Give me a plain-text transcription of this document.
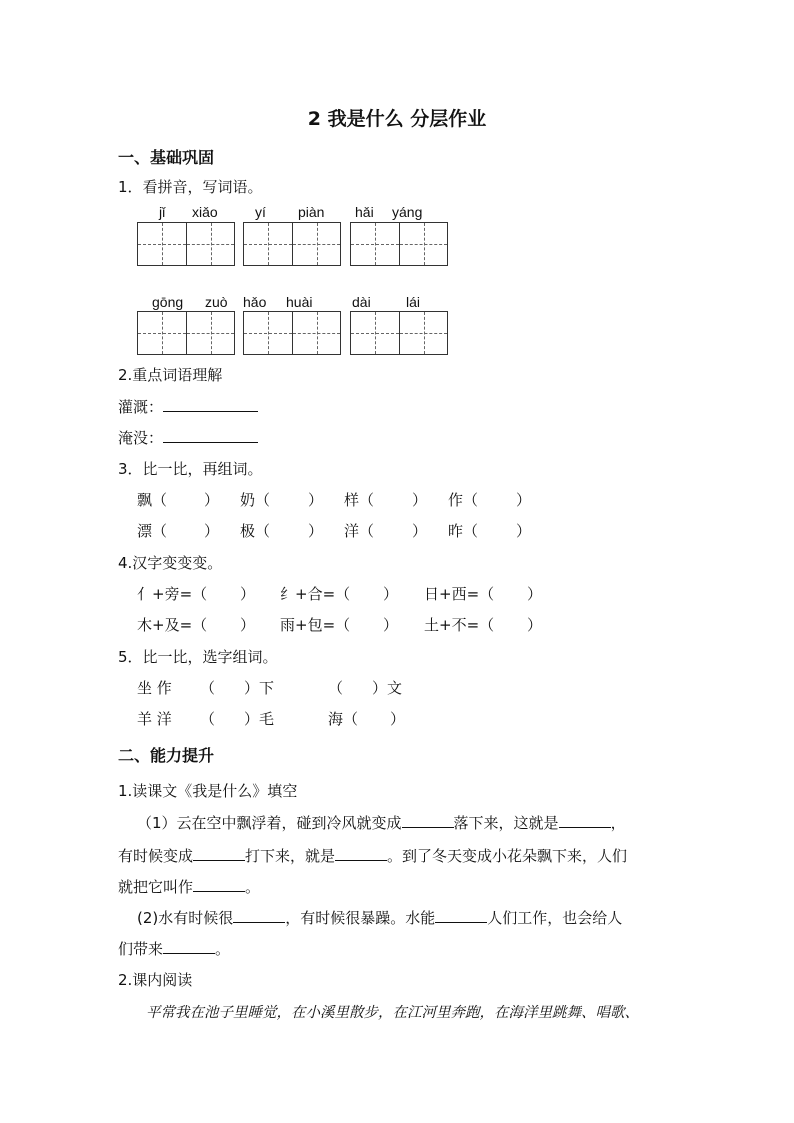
2 我是什么 分层作业
一、基础巩固
1．看拼音，写词语。
jǐ xiǎo	yí piàn hǎi yáng
gōng zuò hǎo huài	dài	lái
2.重点词语理解
灌溉：
淹没：
3．比一比，再组词。
飘（ ） 奶（	） 样（	） 作（	）
漂（ ） 极（	） 洋（	） 昨（	）
4.汉字变变变。
亻+旁=（ ） 纟+合=（ ） 日+西=（ ）
木+及=（ ） 雨+包=（ ） 土+不=（ ）
5．比一比，选字组词。
坐 作 （ ）下	（ ）文
羊 洋 （ ）毛	海（ ）
二、能力提升
1.读课文《我是什么》填空
（1）云在空中飘浮着，碰到冷风就变成	落下来，这就是	，
有时候变成	打下来，就是	。到了冬天变成小花朵飘下来，人们
就把它叫作	。
(2)水有时候很	，有时候很暴躁。水能	人们工作，也会给人
们带来	。
2.课内阅读
平常我在池子里睡觉，在小溪里散步，在江河里奔跑，在海洋里跳舞、唱歌、
